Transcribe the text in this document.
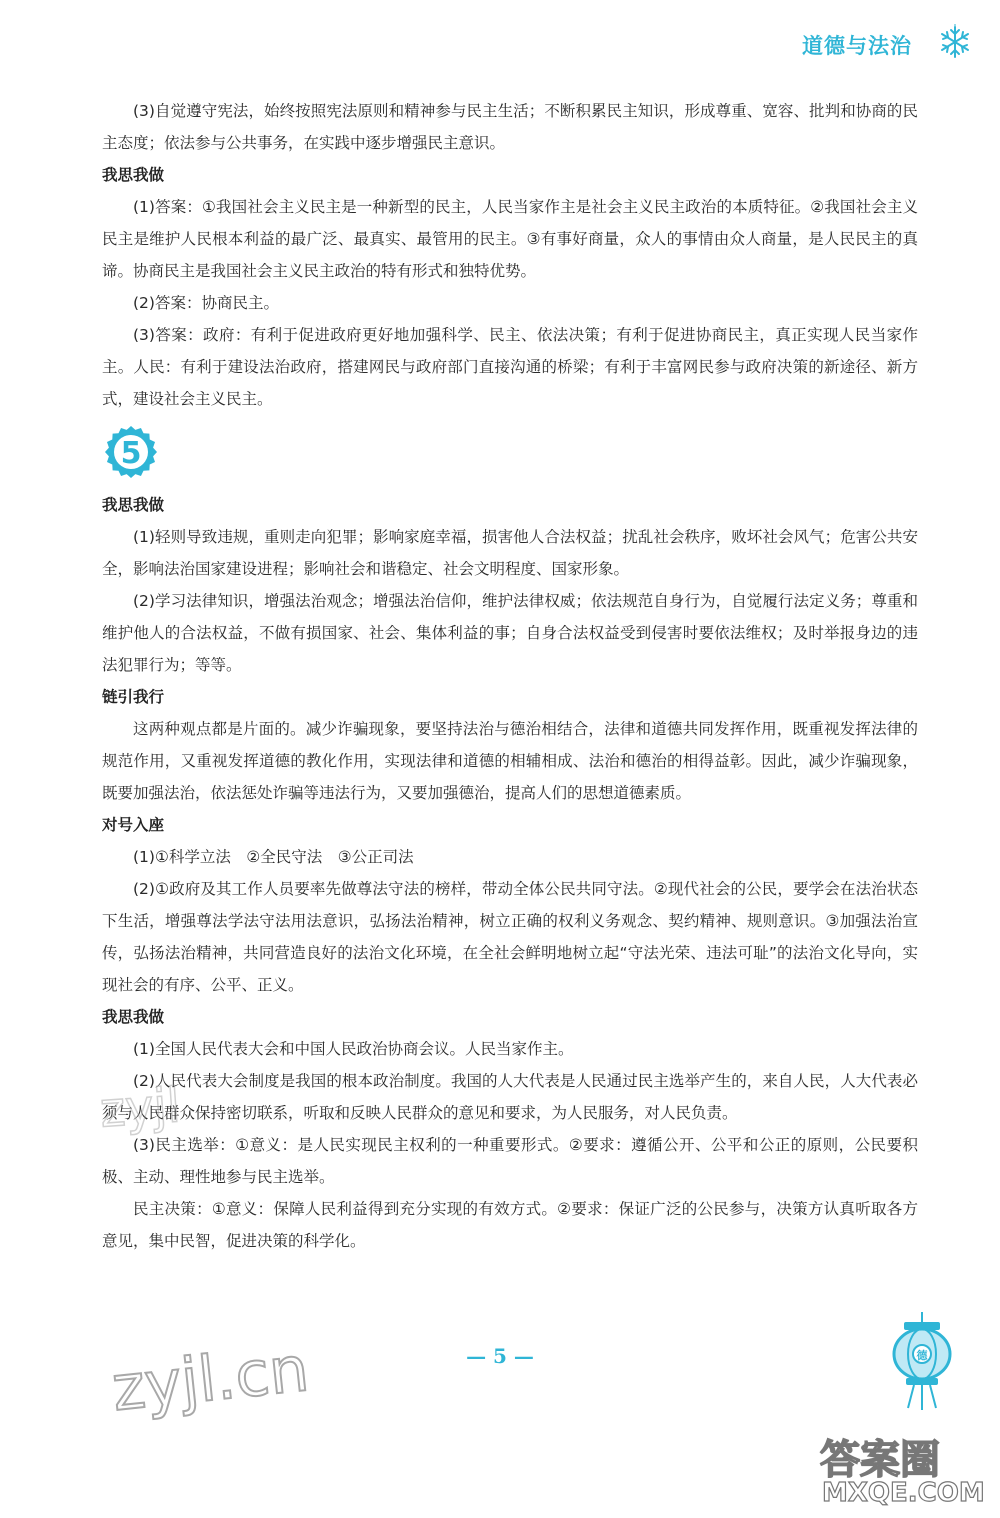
道德与法治

(3)自觉遵守宪法，始终按照宪法原则和精神参与民主生活；不断积累民主知识，形成尊重、宽容、批判和协商的民主态度；依法参与公共事务，在实践中逐步增强民主意识。

我思我做

(1)答案：①我国社会主义民主是一种新型的民主，人民当家作主是社会主义民主政治的本质特征。②我国社会主义民主是维护人民根本利益的最广泛、最真实、最管用的民主。③有事好商量，众人的事情由众人商量，是人民民主的真谛。协商民主是我国社会主义民主政治的特有形式和独特优势。

(2)答案：协商民主。

(3)答案：政府：有利于促进政府更好地加强科学、民主、依法决策；有利于促进协商民主，真正实现人民当家作主。人民：有利于建设法治政府，搭建网民与政府部门直接沟通的桥梁；有利于丰富网民参与政府决策的新途径、新方式，建设社会主义民主。

5

我思我做

(1)轻则导致违规，重则走向犯罪；影响家庭幸福，损害他人合法权益；扰乱社会秩序，败坏社会风气；危害公共安全，影响法治国家建设进程；影响社会和谐稳定、社会文明程度、国家形象。

(2)学习法律知识，增强法治观念；增强法治信仰，维护法律权威；依法规范自身行为，自觉履行法定义务；尊重和维护他人的合法权益，不做有损国家、社会、集体利益的事；自身合法权益受到侵害时要依法维权；及时举报身边的违法犯罪行为；等等。

链引我行

这两种观点都是片面的。减少诈骗现象，要坚持法治与德治相结合，法律和道德共同发挥作用，既重视发挥法律的规范作用，又重视发挥道德的教化作用，实现法律和道德的相辅相成、法治和德治的相得益彰。因此，减少诈骗现象，既要加强法治，依法惩处诈骗等违法行为，又要加强德治，提高人们的思想道德素质。

对号入座

(1)①科学立法　②全民守法　③公正司法

(2)①政府及其工作人员要率先做尊法守法的榜样，带动全体公民共同守法。②现代社会的公民，要学会在法治状态下生活，增强尊法学法守法用法意识，弘扬法治精神，树立正确的权利义务观念、契约精神、规则意识。③加强法治宣传，弘扬法治精神，共同营造良好的法治文化环境，在全社会鲜明地树立起“守法光荣、违法可耻”的法治文化导向，实现社会的有序、公平、正义。

我思我做

(1)全国人民代表大会和中国人民政治协商会议。人民当家作主。

(2)人民代表大会制度是我国的根本政治制度。我国的人大代表是人民通过民主选举产生的，来自人民，人大代表必须与人民群众保持密切联系，听取和反映人民群众的意见和要求，为人民服务，对人民负责。

(3)民主选举：①意义：是人民实现民主权利的一种重要形式。②要求：遵循公开、公平和公正的原则，公民要积极、主动、理性地参与民主选举。

民主决策：①意义：保障人民利益得到充分实现的有效方式。②要求：保证广泛的公民参与，决策方认真听取各方意见，集中民智，促进决策的科学化。

zyjl
— 5 —
zyjl.cn	德
答案圈
MXQE.COM
